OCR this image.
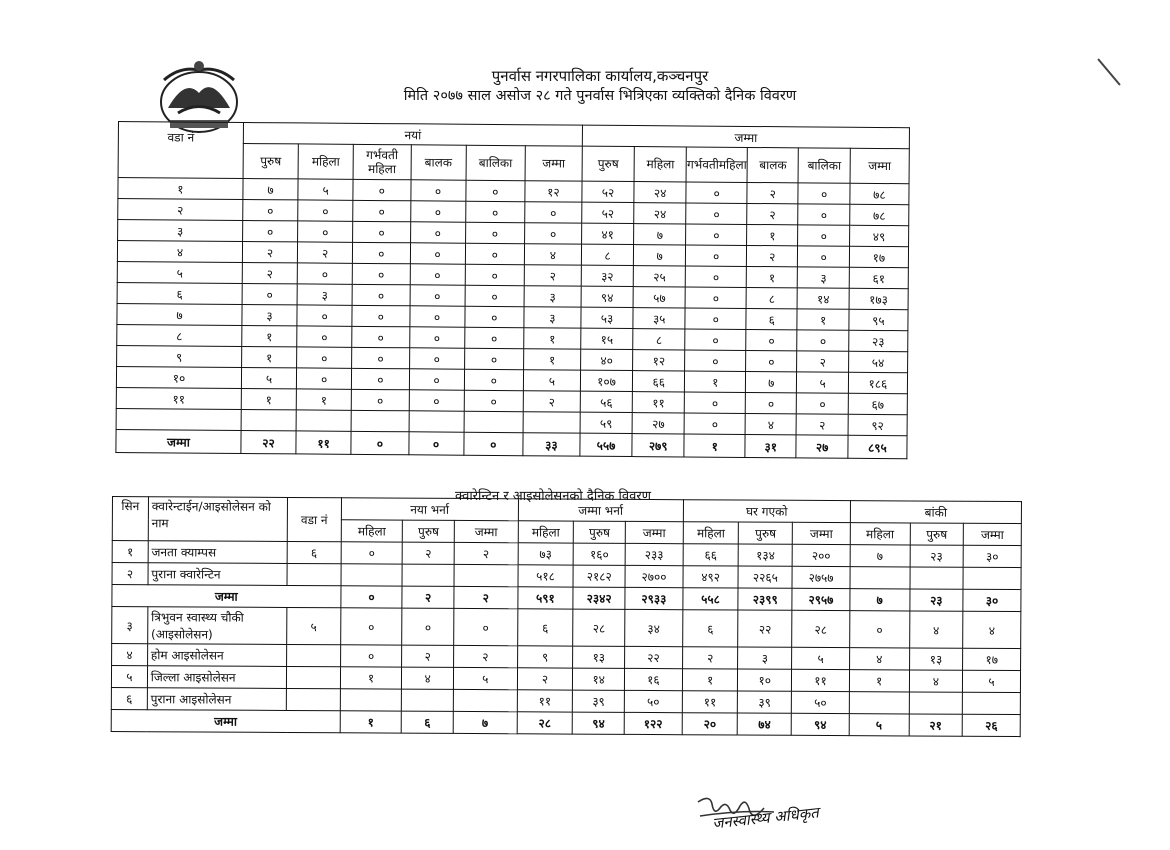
पुनर्वास नगरपालिका कार्यालय,कञ्चनपुर
मिति २०७७ साल असोज २८ गते पुनर्वास भित्रिएका व्यक्तिको दैनिक विवरण
वडा नं	नयां						जम्मा					
	पुरुष	महिला	गर्भवती महिला	बालक	बालिका	जम्मा	पुरुष	महिला	गर्भवतीमहिला	बालक	बालिका	जम्मा
१	७	५	०	०	०	१२	५२	२४	०	२	०	७८
२	०	०	०	०	०	०	५२	२४	०	२	०	७८
३	०	०	०	०	०	०	४१	७	०	१	०	४९
४	२	२	०	०	०	४	८	७	०	२	०	१७
५	२	०	०	०	०	२	३२	२५	०	१	३	६१
६	०	३	०	०	०	३	९४	५७	०	८	१४	१७३
७	३	०	०	०	०	३	५३	३५	०	६	१	९५
८	१	०	०	०	०	१	१५	८	०	०	०	२३
९	१	०	०	०	०	१	४०	१२	०	०	२	५४
१०	५	०	०	०	०	५	१०७	६६	१	७	५	१८६
११	१	१	०	०	०	२	५६	११	०	०	०	६७
							५९	२७	०	४	२	९२
जम्मा	२२	११	०	०	०	३३	५५७	२७९	१	३१	२७	८९५
क्वारेन्टिन र आइसोलेसनको दैनिक विवरण
सिन	क्वारेन्टाईन/आइसोलेसन को नाम	वडा नं	नया भर्ना			जम्मा भर्ना			घर गएको			बांकी		
			महिला	पुरुष	जम्मा	महिला	पुरुष	जम्मा	महिला	पुरुष	जम्मा	महिला	पुरुष	जम्मा
१	जनता क्याम्पस	६	०	२	२	७३	१६०	२३३	६६	१३४	२००	७	२३	३०
२	पुराना क्वारेन्टिन					५१८	२१८२	२७००	४९२	२२६५	२७५७			
जम्मा			०	२	२	५९१	२३४२	२९३३	५५८	२३९९	२९५७	७	२३	३०
३	त्रिभुवन स्वास्थ्य चौकी (आइसोलेसन)	५	०	०	०	६	२८	३४	६	२२	२८	०	४	४
४	होम आइसोलेसन		०	२	२	९	१३	२२	२	३	५	४	१३	१७
५	जिल्ला आइसोलेसन		१	४	५	२	१४	१६	१	१०	११	१	४	५
६	पुराना आइसोलेसन					११	३९	५०	११	३९	५०			
जम्मा			१	६	७	२८	९४	१२२	२०	७४	९४	५	२१	२६
जनस्वास्थ्य अधिकृत
